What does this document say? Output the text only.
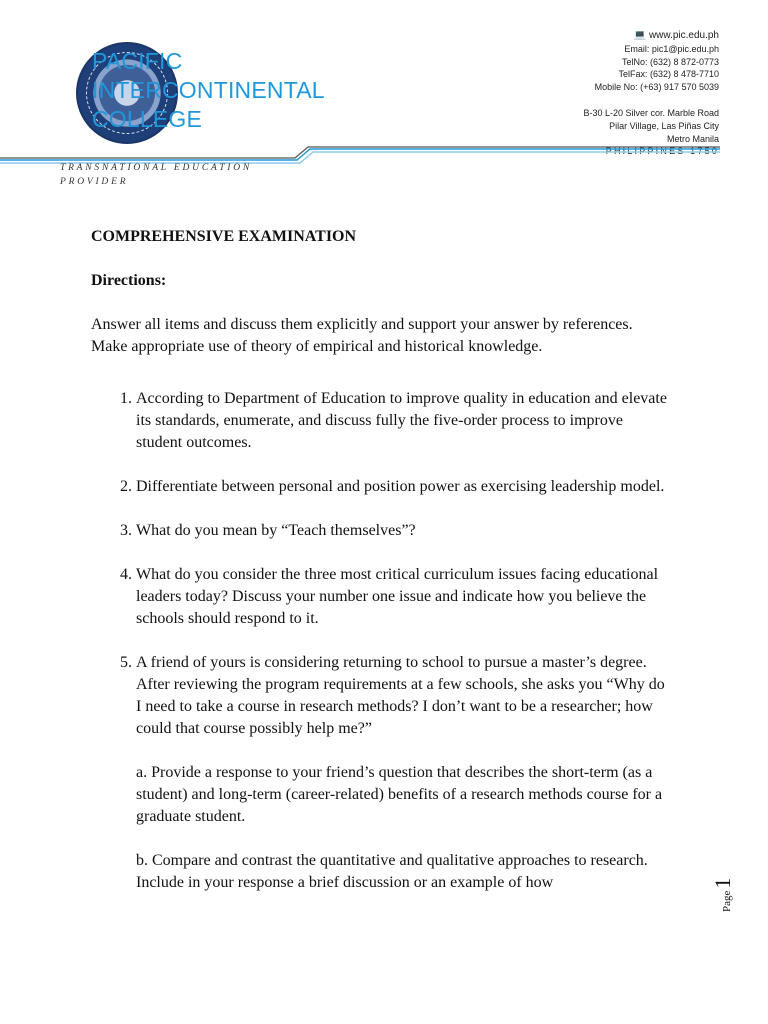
PACIFIC
INTERCONTINENTAL
COLLEGE
💻 www.pic.edu.ph
Email: pic1@pic.edu.ph
TelNo: (632) 8 872-0773
TelFax: (632) 8 478-7710
Mobile No: (+63) 917 570 5039
B-30 L-20 Silver cor. Marble Road
Pilar Village, Las Piñas City
Metro Manila
PHILIPPINES 1750
TRANSNATIONAL EDUCATION PROVIDER
COMPREHENSIVE EXAMINATION
Directions:

Answer all items and discuss them explicitly and support your answer by references. Make appropriate use of theory of empirical and historical knowledge.

1. According to Department of Education to improve quality in education and elevate its standards, enumerate, and discuss fully the five-order process to improve student outcomes.
2. Differentiate between personal and position power as exercising leadership model.
3. What do you mean by “Teach themselves”?
4. What do you consider the three most critical curriculum issues facing educational leaders today? Discuss your number one issue and indicate how you believe the schools should respond to it.
5. A friend of yours is considering returning to school to pursue a master’s degree. After reviewing the program requirements at a few schools, she asks you “Why do I need to take a course in research methods? I don’t want to be a researcher; how could that course possibly help me?”

a. Provide a response to your friend’s question that describes the short-term (as a student) and long-term (career-related) benefits of a research methods course for a graduate student.

b. Compare and contrast the quantitative and qualitative approaches to research. Include in your response a brief discussion or an example of how

Page1
